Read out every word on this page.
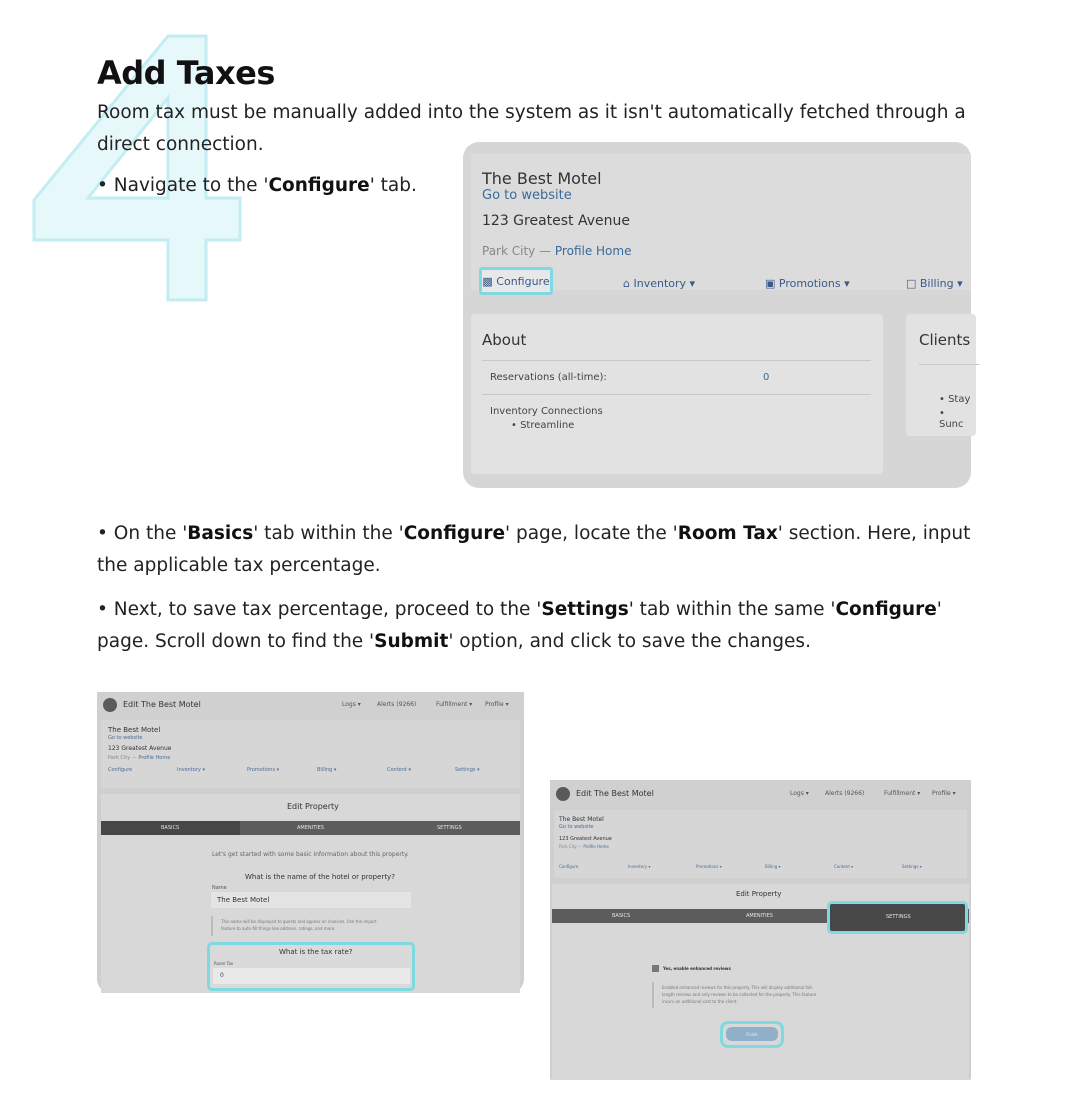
Add Taxes
Room tax must be manually added into the system as it isn't automatically fetched through a direct connection.
• Navigate to the 'Configure' tab.
• On the 'Basics' tab within the 'Configure' page, locate the 'Room Tax' section. Here, input the applicable tax percentage.
• Next, to save tax percentage, proceed to the 'Settings' tab within the same 'Configure' page. Scroll down to find the 'Submit' option, and click to save the changes.
The Best Motel
Go to website
123 Greatest Avenue
Park City — Profile Home
▩ Configure	⌂ Inventory ▾	▣ Promotions ▾	□ Billing ▾
About
Reservations (all-time):	0
Inventory Connections
• Streamline
Clients
• Stay
• Sunc
Edit The Best Motel	Logs ▾	Alerts (9266)	Fulfillment ▾ Profile ▾
The Best Motel
Go to website
123 Greatest Avenue
Park City — Profile Home
Configure	Inventory ▾	Promotions ▾	Billing ▾	Content ▾	Settings ▾
Edit Property
BASICS	AMENITIES	SETTINGS
Let's get started with some basic information about this property.
What is the name of the hotel or property?
Name
The Best Motel
This name will be displayed to guests and appear on invoices. Use the import
feature to auto-fill things like address, ratings, and more.
What is the tax rate?
Room Tax
0
Edit The Best Motel	Logs ▾	Alerts (9266)	Fulfillment ▾ Profile ▾
The Best Motel
Go to website
123 Greatest Avenue
Park City — Profile Home
Configure	Inventory ▾	Promotions ▾	Billing ▾	Content ▾	Settings ▾
Edit Property
BASICS	AMENITIES	SETTINGS
Yes, enable enhanced reviews
Enabled enhanced reviews for this property. This will display additional full-
length reviews and only reviews to be collected for the property. This feature
incurs an additional cost to the client.
Finish
